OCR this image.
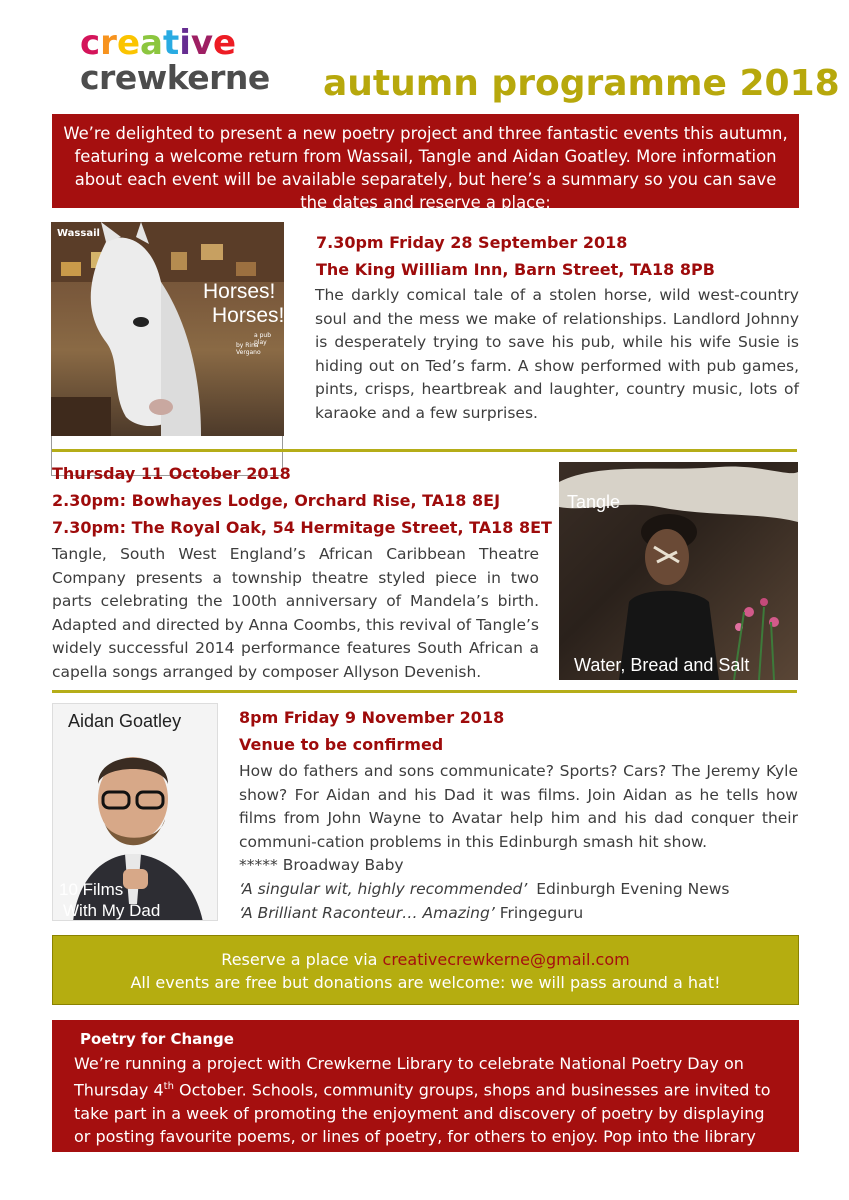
creative
crewkerne autumn programme 2018
We’re delighted to present a new poetry project and three fantastic events this autumn, featuring a welcome return from Wassail, Tangle and Aidan Goatley. More information about each event will be available separately, but here’s a summary so you can save the dates and reserve a place:
Wassail
Horses!
Horses!
a pub play
by Rina Vergano
7.30pm Friday 28 September 2018
The King William Inn, Barn Street, TA18 8PB
The darkly comical tale of a stolen horse, wild west-country soul and the mess we make of relationships. Landlord Johnny is desperately trying to save his pub, while his wife Susie is hiding out on Ted’s farm. A show performed with pub games, pints, crisps, heartbreak and laughter, country music, lots of karaoke and a few surprises.
Thursday 11 October 2018
2.30pm: Bowhayes Lodge, Orchard Rise, TA18 8EJ
7.30pm: The Royal Oak, 54 Hermitage Street, TA18 8ET
Tangle, South West England’s African Caribbean Theatre Company presents a township theatre styled piece in two parts celebrating the 100th anniversary of Mandela’s birth. Adapted and directed by Anna Coombs, this revival of Tangle’s widely successful 2014 performance features South African a capella songs arranged by composer Allyson Devenish.
Tangle
Water, Bread and Salt
Aidan Goatley
10 Films
With My Dad
8pm Friday 9 November 2018
Venue to be confirmed
How do fathers and sons communicate? Sports? Cars? The Jeremy Kyle show? For Aidan and his Dad it was films. Join Aidan as he tells how films from John Wayne to Avatar help him and his dad conquer their communi-cation problems in this Edinburgh smash hit show.
***** Broadway Baby
‘A singular wit, highly recommended’ Edinburgh Evening News
‘A Brilliant Raconteur… Amazing’ Fringeguru
Reserve a place via creativecrewkerne@gmail.com
All events are free but donations are welcome: we will pass around a hat!
Poetry for Change
We’re running a project with Crewkerne Library to celebrate National Poetry Day on Thursday 4th October. Schools, community groups, shops and businesses are invited to take part in a week of promoting the enjoyment and discovery of poetry by displaying or posting favourite poems, or lines of poetry, for others to enjoy. Pop into the library or email us for more info.
